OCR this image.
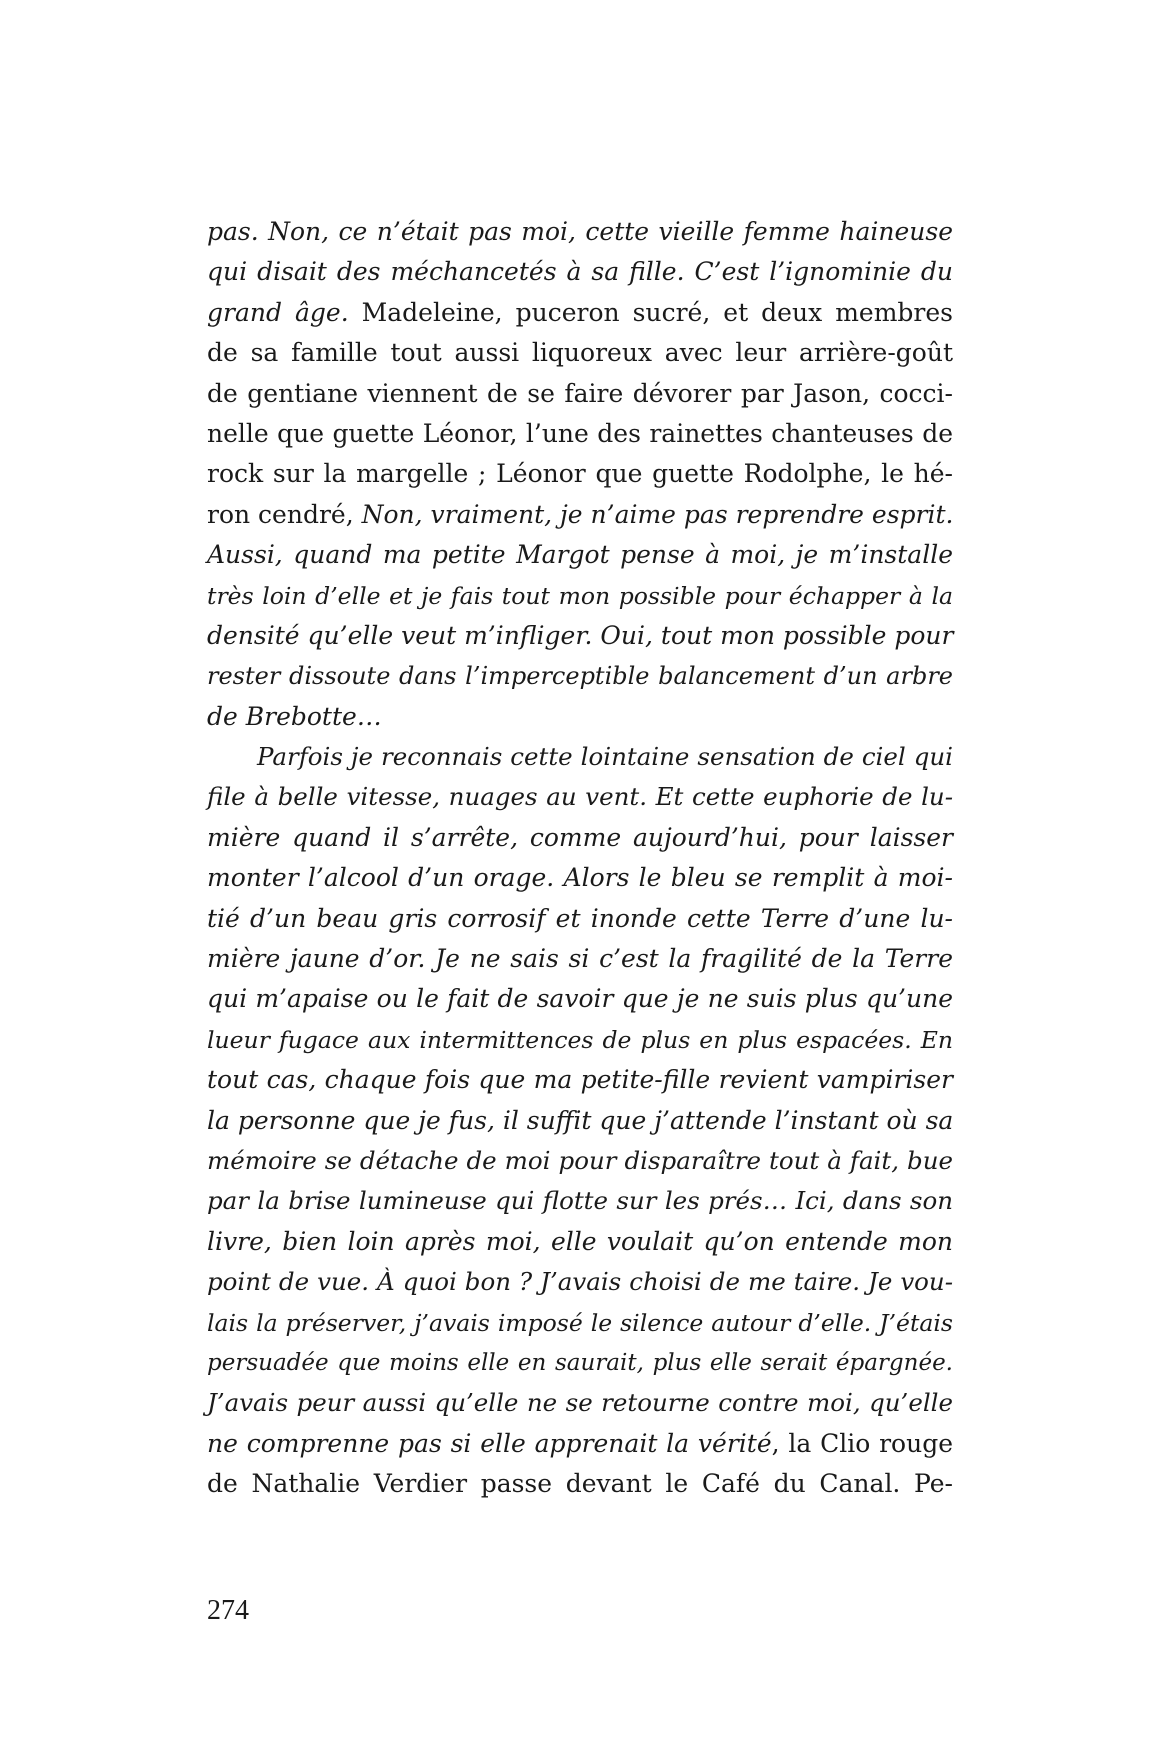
pas. Non, ce n’était pas moi, cette vieille femme haineuse
qui disait des méchancetés à sa fille. C’est l’ignominie du
grand âge. Madeleine, puceron sucré, et deux membres
de sa famille tout aussi liquoreux avec leur arrière-goût
de gentiane viennent de se faire dévorer par Jason, cocci-
nelle que guette Léonor, l’une des rainettes chanteuses de
rock sur la margelle ; Léonor que guette Rodolphe, le hé-
ron cendré, Non, vraiment, je n’aime pas reprendre esprit.
Aussi, quand ma petite Margot pense à moi, je m’installe
très loin d’elle et je fais tout mon possible pour échapper à la
densité qu’elle veut m’infliger. Oui, tout mon possible pour
rester dissoute dans l’imperceptible balancement d’un arbre
de Brebotte…
Parfois je reconnais cette lointaine sensation de ciel qui
file à belle vitesse, nuages au vent. Et cette euphorie de lu-
mière quand il s’arrête, comme aujourd’hui, pour laisser
monter l’alcool d’un orage. Alors le bleu se remplit à moi-
tié d’un beau gris corrosif et inonde cette Terre d’une lu-
mière jaune d’or. Je ne sais si c’est la fragilité de la Terre
qui m’apaise ou le fait de savoir que je ne suis plus qu’une
lueur fugace aux intermittences de plus en plus espacées. En
tout cas, chaque fois que ma petite-fille revient vampiriser
la personne que je fus, il suffit que j’attende l’instant où sa
mémoire se détache de moi pour disparaître tout à fait, bue
par la brise lumineuse qui flotte sur les prés… Ici, dans son
livre, bien loin après moi, elle voulait qu’on entende mon
point de vue. À quoi bon ? J’avais choisi de me taire. Je vou-
lais la préserver, j’avais imposé le silence autour d’elle. J’étais
persuadée que moins elle en saurait, plus elle serait épargnée.
J’avais peur aussi qu’elle ne se retourne contre moi, qu’elle
ne comprenne pas si elle apprenait la vérité, la Clio rouge
de Nathalie Verdier passe devant le Café du Canal. Pe-
274
